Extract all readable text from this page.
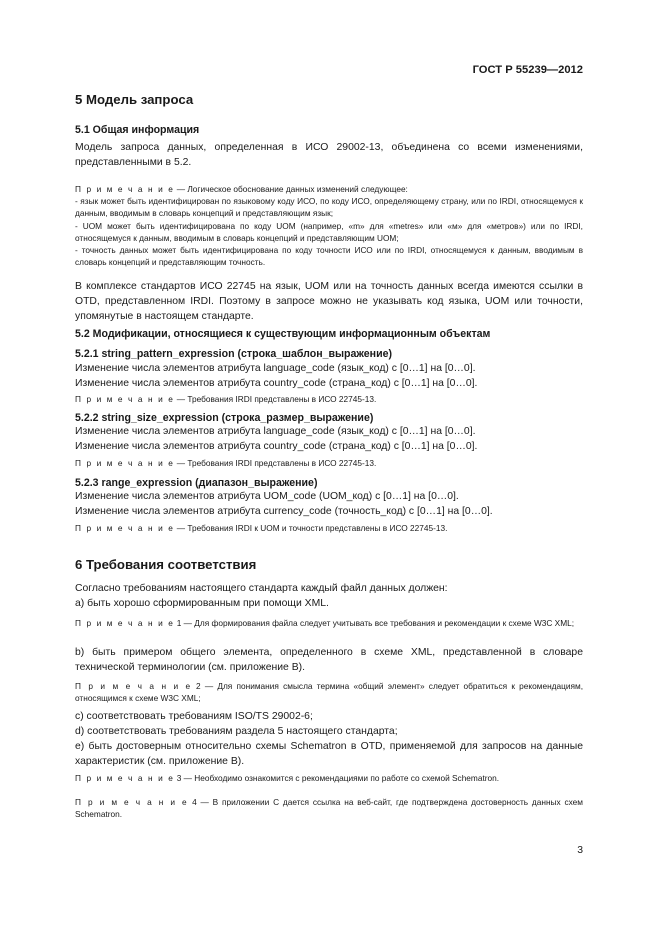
ГОСТ Р 55239—2012
5 Модель запроса
5.1 Общая информация
Модель запроса данных, определенная в ИСО 29002-13, объединена со всеми изменениями, представленными в 5.2.
П р и м е ч а н и е — Логическое обоснование данных изменений следующее:
- язык может быть идентифицирован по языковому коду ИСО, по коду ИСО, определяющему страну, или по IRDI, относящемуся к данным, вводимым в словарь концепций и представляющим язык;
- UOM может быть идентифицирована по коду UOM (например, «m» для «metres» или «м» для «метров») или по IRDI, относящемуся к данным, вводимым в словарь концепций и представляющим UOM;
- точность данных может быть идентифицирована по коду точности ИСО или по IRDI, относящемуся к данным, вводимым в словарь концепций и представляющим точность.
В комплексе стандартов ИСО 22745 на язык, UOM или на точность данных всегда имеются ссылки в OTD, представленном IRDI. Поэтому в запросе можно не указывать код языка, UOM или точности, упомянутые в настоящем стандарте.
5.2 Модификации, относящиеся к существующим информационным объектам
5.2.1 string_pattern_expression (строка_шаблон_выражение)
Изменение числа элементов атрибута language_code (язык_код) с [0…1] на [0…0].
Изменение числа элементов атрибута country_code (страна_код) с [0…1] на [0…0].
П р и м е ч а н и е — Требования IRDI представлены в ИСО 22745-13.
5.2.2 string_size_expression (строка_размер_выражение)
Изменение числа элементов атрибута language_code (язык_код) с [0…1] на [0…0].
Изменение числа элементов атрибута country_code (страна_код) с [0…1] на [0…0].
П р и м е ч а н и е — Требования IRDI представлены в ИСО 22745-13.
5.2.3 range_expression (диапазон_выражение)
Изменение числа элементов атрибута UOM_code (UOM_код) с [0…1] на [0…0].
Изменение числа элементов атрибута currency_code (точность_код) с [0…1] на [0…0].
П р и м е ч а н и е — Требования IRDI к UOM и точности представлены в ИСО 22745-13.
6 Требования соответствия
Согласно требованиям настоящего стандарта каждый файл данных должен:
a) быть хорошо сформированным при помощи XML.
П р и м е ч а н и е 1 — Для формирования файла следует учитывать все требования и рекомендации к схеме W3C XML;
b) быть примером общего элемента, определенного в схеме XML, представленной в словаре технической терминологии (см. приложение В).
П р и м е ч а н и е 2 — Для понимания смысла термина «общий элемент» следует обратиться к рекомендациям, относящимся к схеме W3C XML;
c) соответствовать требованиям ISO/TS 29002-6;
d) соответствовать требованиям раздела 5 настоящего стандарта;
e) быть достоверным относительно схемы Schematron в OTD, применяемой для запросов на данные характеристик (см. приложение В).
П р и м е ч а н и е 3 — Необходимо ознакомится с рекомендациями по работе со схемой Schematron.
П р и м е ч а н и е 4 — В приложении С дается ссылка на веб-сайт, где подтверждена достоверность данных схем Schematron.
3
